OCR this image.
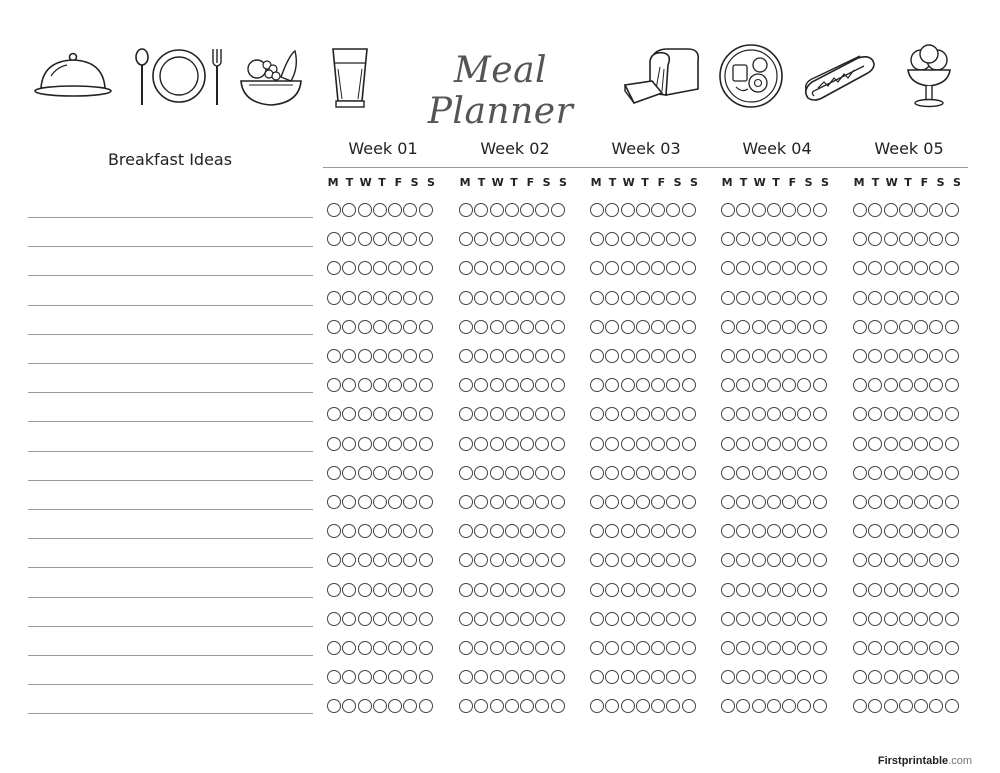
Meal Planner
Breakfast Ideas
Week 01	Week 02	Week 03	Week 04	Week 05
M T W T F S S	M T W T F S S	M T W T F S S	M T W T F S S	M T W T F S S
Firstprintable.com
